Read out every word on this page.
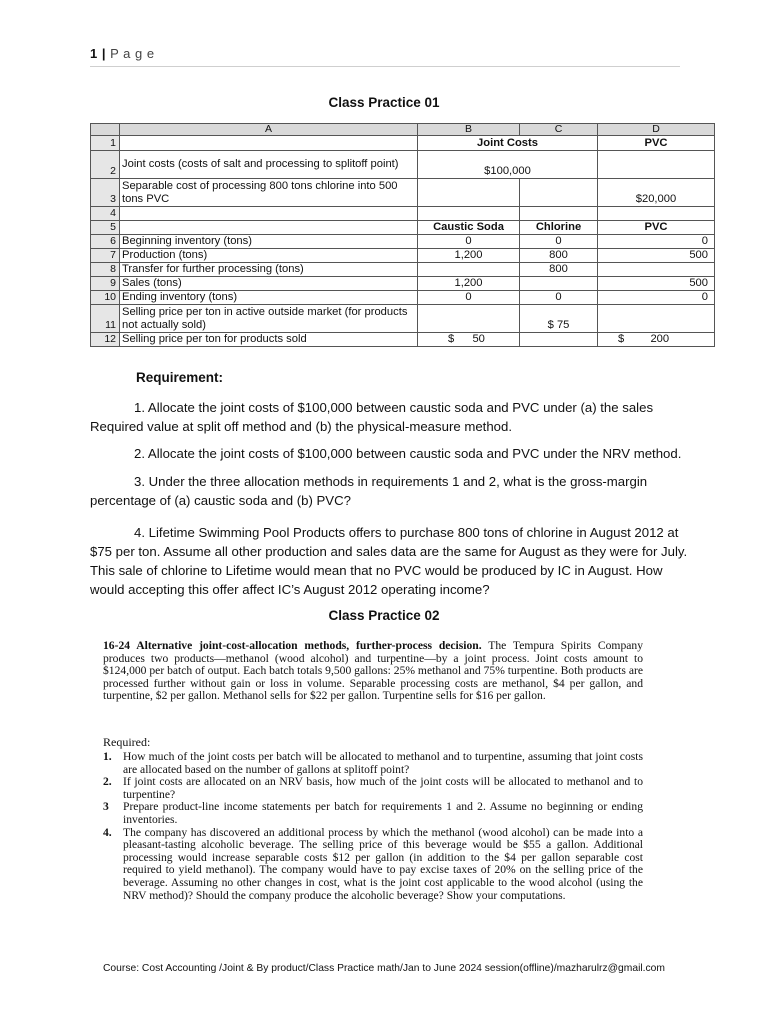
1 | P a g e
Class Practice 01
	A	B	C	D
1		Joint Costs		PVC
2	Joint costs (costs of salt and processing to splitoff point)	$100,000		
3	Separable cost of processing 800 tons chlorine into 500 tons PVC			$20,000
4				
5		Caustic Soda	Chlorine	PVC
6	Beginning inventory (tons)	0	0	0
7	Production (tons)	1,200	800	500
8	Transfer for further processing (tons)		800	
9	Sales (tons)	1,200		500
10	Ending inventory (tons)	0	0	0
11	Selling price per ton in active outside market (for products not actually sold)		$ 75	
12	Selling price per ton for products sold	$ 50		$ 200
Requirement:

1. Allocate the joint costs of $100,000 between caustic soda and PVC under (a) the sales Required value at split off method and (b) the physical-measure method.

2. Allocate the joint costs of $100,000 between caustic soda and PVC under the NRV method.

3. Under the three allocation methods in requirements 1 and 2, what is the gross-margin percentage of (a) caustic soda and (b) PVC?

4. Lifetime Swimming Pool Products offers to purchase 800 tons of chlorine in August 2012 at $75 per ton. Assume all other production and sales data are the same for August as they were for July. This sale of chlorine to Lifetime would mean that no PVC would be produced by IC in August. How would accepting this offer affect IC’s August 2012 operating income?

Class Practice 02

16-24 Alternative joint-cost-allocation methods, further-process decision. The Tempura Spirits Company produces two products—methanol (wood alcohol) and turpentine—by a joint process. Joint costs amount to $124,000 per batch of output. Each batch totals 9,500 gallons: 25% methanol and 75% turpentine. Both products are processed further without gain or loss in volume. Separable processing costs are methanol, $4 per gallon, and turpentine, $2 per gallon. Methanol sells for $22 per gallon. Turpentine sells for $16 per gallon.

Required:
1. How much of the joint costs per batch will be allocated to methanol and to turpentine, assuming that joint costs are allocated based on the number of gallons at splitoff point?
2. If joint costs are allocated on an NRV basis, how much of the joint costs will be allocated to methanol and to turpentine?
3 Prepare product-line income statements per batch for requirements 1 and 2. Assume no beginning or ending inventories.
4. The company has discovered an additional process by which the methanol (wood alcohol) can be made into a pleasant-tasting alcoholic beverage. The selling price of this beverage would be $55 a gallon. Additional processing would increase separable costs $12 per gallon (in addition to the $4 per gallon separable cost required to yield methanol). The company would have to pay excise taxes of 20% on the selling price of the beverage. Assuming no other changes in cost, what is the joint cost applicable to the wood alcohol (using the NRV method)? Should the company produce the alcoholic beverage? Show your computations.
Course: Cost Accounting /Joint & By product/Class Practice math/Jan to June 2024 session(offline)/mazharulrz@gmail.com
